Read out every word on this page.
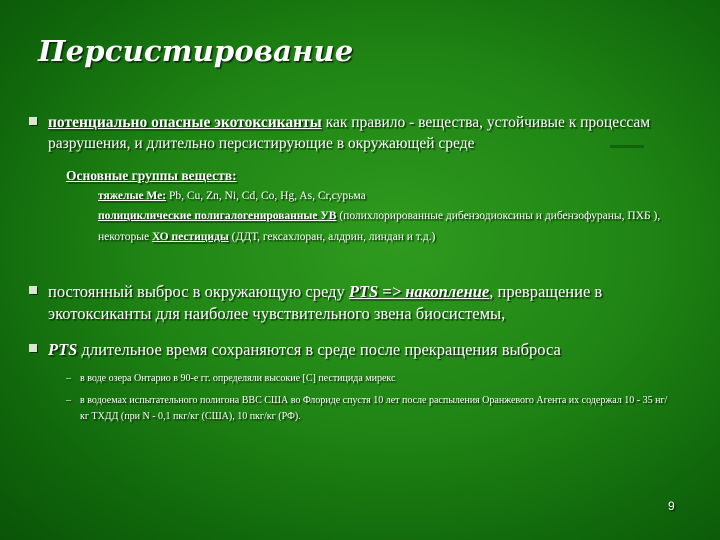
Персистирование
потенциально опасные экотоксиканты как правило - вещества, устойчивые к процессам разрушения, и длительно персистирующие в окружающей среде
Основные группы веществ:
тяжелые Ме: Pb, Cu, Zn, Ni, Cd, Co, Hg, As, Cr,сурьма
полициклические полигалогенированные УВ (полихлорированные дибензодиоксины и дибензофураны, ПХБ ),
некоторые ХО пестициды (ДДТ, гексахлоран, алдрин, линдан и т.д.)
постоянный выброс в окружающую среду PTS => накопление, превращение в экотоксиканты для наиболее чувствительного звена биосистемы,
PTS длительное время сохраняются в среде после прекращения выброса
– в воде озера Онтарио в 90-е гг. определяли высокие [С] пестицида мирекс
– в водоемах испытательного полигона ВВС США во Флориде спустя 10 лет после распыления Оранжевого Агента их содержал 10 - 35 нг/кг ТХДД (при N - 0,1 пкг/кг (США), 10 пкг/кг (РФ).
9
